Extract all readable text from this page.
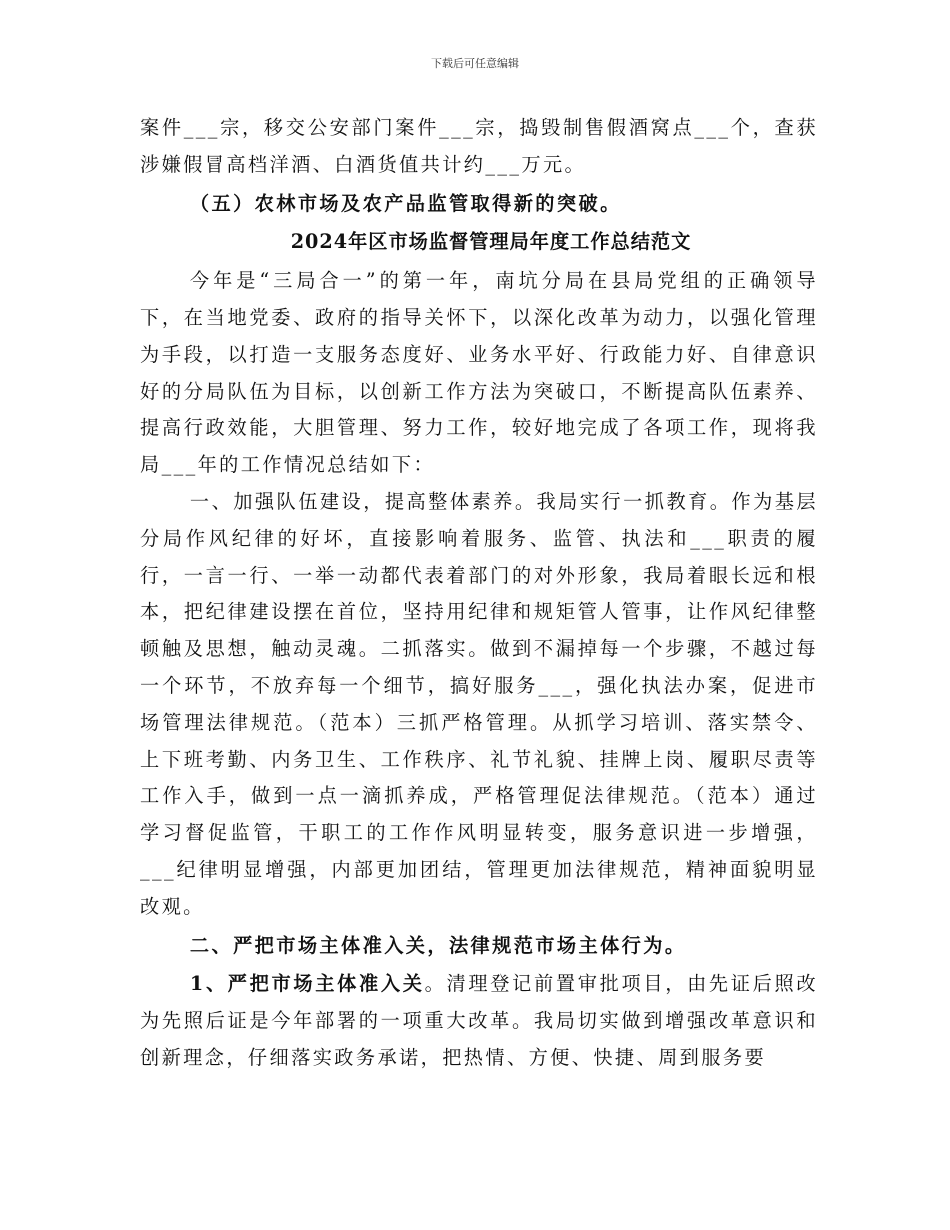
下载后可任意编辑

案件___宗，移交公安部门案件___宗，捣毁制售假酒窝点___个，查获涉嫌假冒高档洋酒、白酒货值共计约___万元。

（五）农林市场及农产品监管取得新的突破。

2024年区市场监督管理局年度工作总结范文

今年是“三局合一”的第一年，南坑分局在县局党组的正确领导下，在当地党委、政府的指导关怀下，以深化改革为动力，以强化管理为手段，以打造一支服务态度好、业务水平好、行政能力好、自律意识好的分局队伍为目标，以创新工作方法为突破口，不断提高队伍素养、提高行政效能，大胆管理、努力工作，较好地完成了各项工作，现将我局___年的工作情况总结如下：

一、加强队伍建设，提高整体素养。我局实行一抓教育。作为基层分局作风纪律的好坏，直接影响着服务、监管、执法和___职责的履行，一言一行、一举一动都代表着部门的对外形象，我局着眼长远和根本，把纪律建设摆在首位，坚持用纪律和规矩管人管事，让作风纪律整顿触及思想，触动灵魂。二抓落实。做到不漏掉每一个步骤，不越过每一个环节，不放弃每一个细节，搞好服务___，强化执法办案，促进市场管理法律规范。（范本）三抓严格管理。从抓学习培训、落实禁令、上下班考勤、内务卫生、工作秩序、礼节礼貌、挂牌上岗、履职尽责等工作入手，做到一点一滴抓养成，严格管理促法律规范。（范本）通过学习督促监管，干职工的工作作风明显转变，服务意识进一步增强，___纪律明显增强，内部更加团结，管理更加法律规范，精神面貌明显改观。

二、严把市场主体准入关，法律规范市场主体行为。

1、严把市场主体准入关。清理登记前置审批项目，由先证后照改为先照后证是今年部署的一项重大改革。我局切实做到增强改革意识和创新理念，仔细落实政务承诺，把热情、方便、快捷、周到服务要
